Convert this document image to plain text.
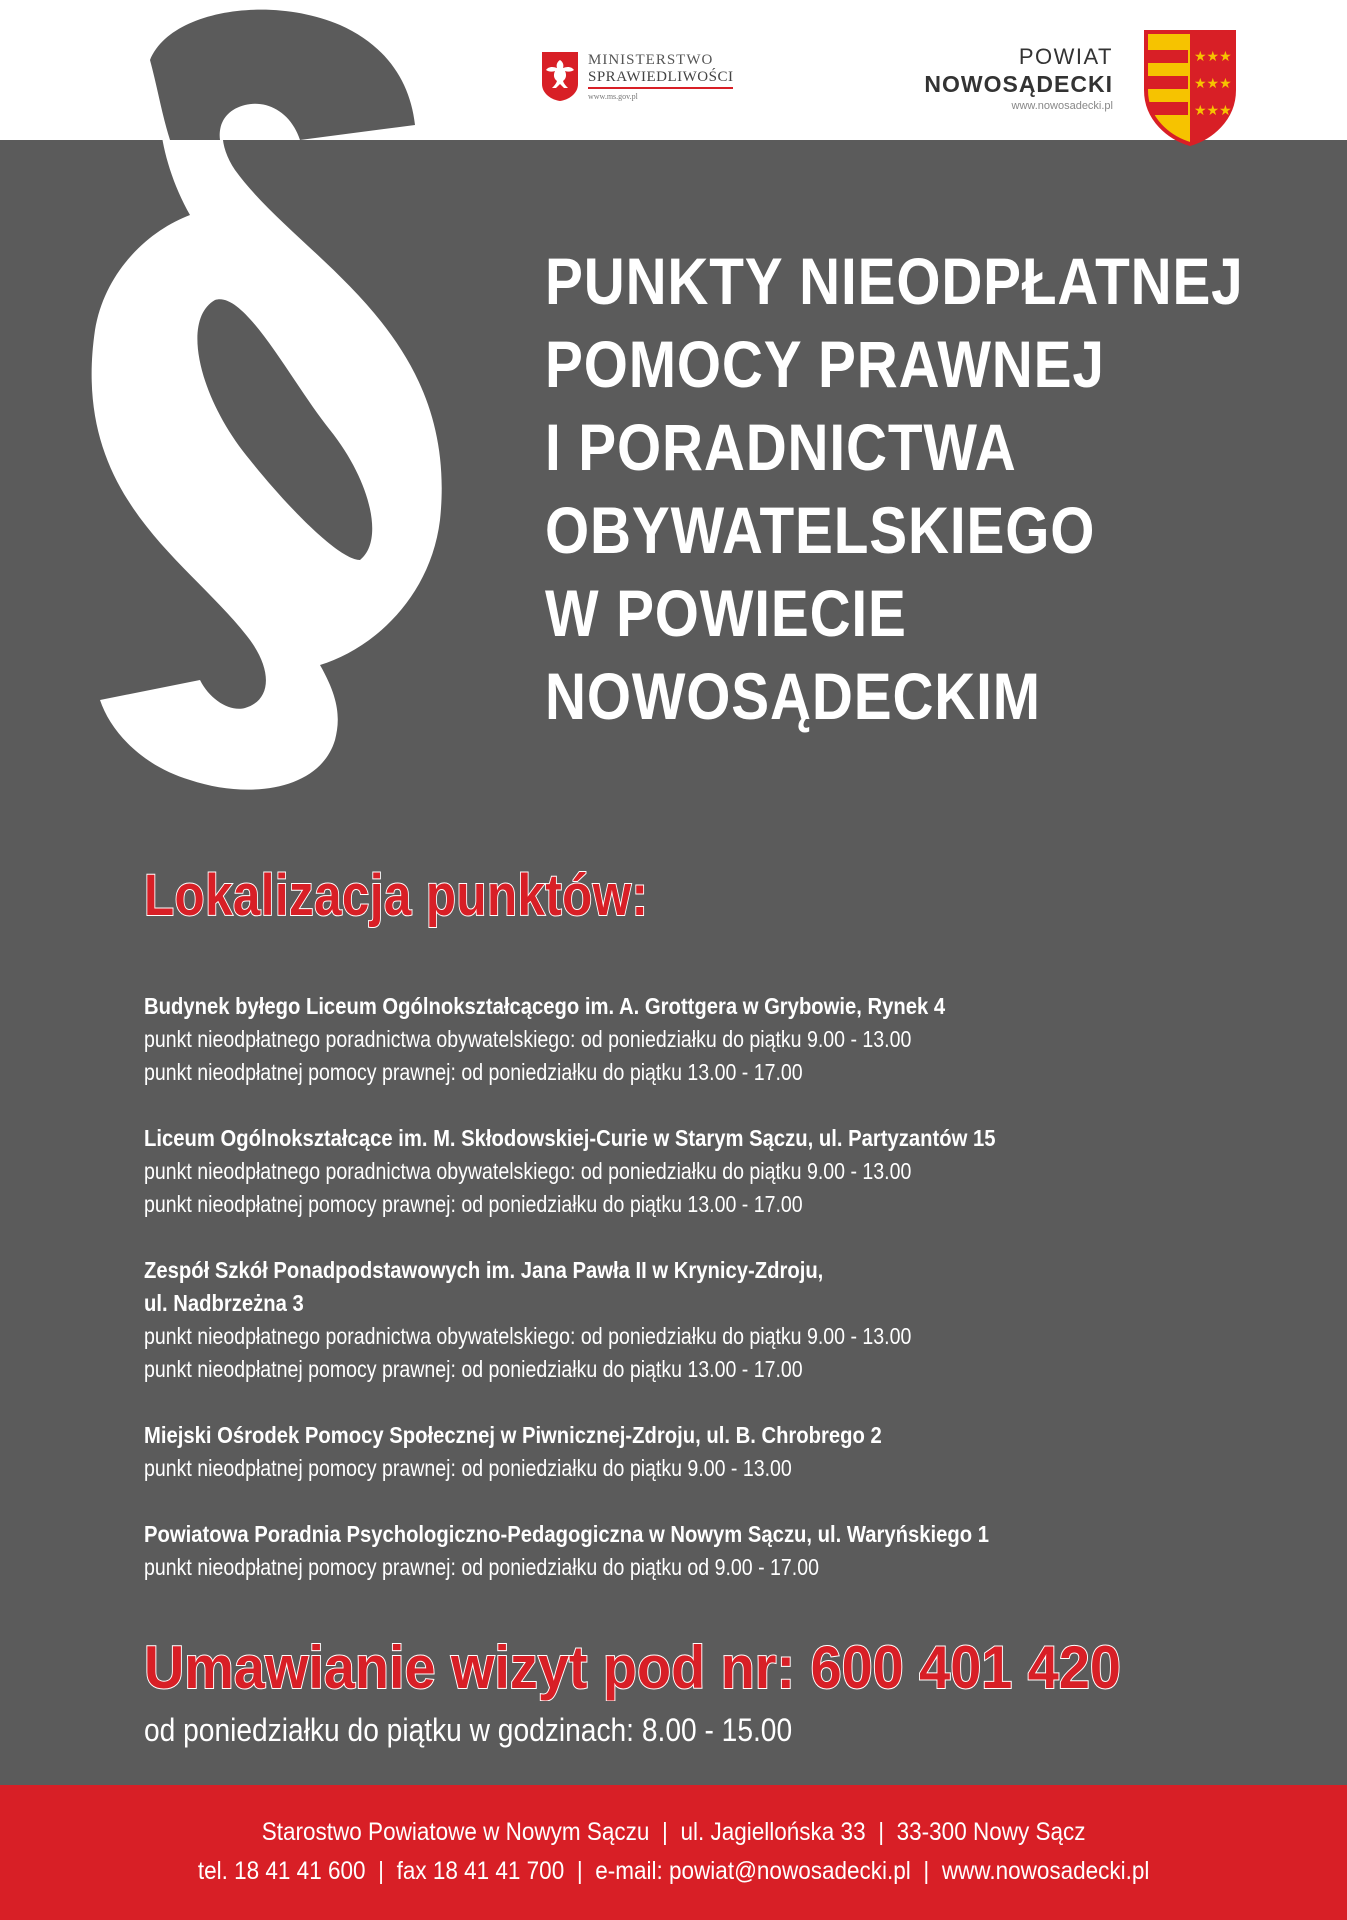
MINISTERSTWO
SPRAWIEDLIWOŚCI
www.ms.gov.pl
POWIAT
NOWOSĄDECKI
www.nowosadecki.pl
★★★
★★★
★★★
PUNKTY NIEODPŁATNEJ
POMOCY PRAWNEJ
I PORADNICTWA
OBYWATELSKIEGO
W POWIECIE
NOWOSĄDECKIM
Lokalizacja punktów:
Budynek byłego Liceum Ogólnokształcącego im. A. Grottgera w Grybowie, Rynek 4
punkt nieodpłatnego poradnictwa obywatelskiego: od poniedziałku do piątku 9.00 - 13.00
punkt nieodpłatnej pomocy prawnej: od poniedziałku do piątku 13.00 - 17.00
Liceum Ogólnokształcące im. M. Skłodowskiej-Curie w Starym Sączu, ul. Partyzantów 15
punkt nieodpłatnego poradnictwa obywatelskiego: od poniedziałku do piątku 9.00 - 13.00
punkt nieodpłatnej pomocy prawnej: od poniedziałku do piątku 13.00 - 17.00
Zespół Szkół Ponadpodstawowych im. Jana Pawła II w Krynicy-Zdroju,
ul. Nadbrzeżna 3
punkt nieodpłatnego poradnictwa obywatelskiego: od poniedziałku do piątku 9.00 - 13.00
punkt nieodpłatnej pomocy prawnej: od poniedziałku do piątku 13.00 - 17.00
Miejski Ośrodek Pomocy Społecznej w Piwnicznej-Zdroju, ul. B. Chrobrego 2
punkt nieodpłatnej pomocy prawnej: od poniedziałku do piątku 9.00 - 13.00
Powiatowa Poradnia Psychologiczno-Pedagogiczna w Nowym Sączu, ul. Waryńskiego 1
punkt nieodpłatnej pomocy prawnej: od poniedziałku do piątku od 9.00 - 17.00
Umawianie wizyt pod nr: 600 401 420
od poniedziałku do piątku w godzinach: 8.00 - 15.00
Starostwo Powiatowe w Nowym Sączu | ul. Jagiellońska 33 | 33-300 Nowy Sącz
tel. 18 41 41 600 | fax 18 41 41 700 | e-mail: powiat@nowosadecki.pl | www.nowosadecki.pl
